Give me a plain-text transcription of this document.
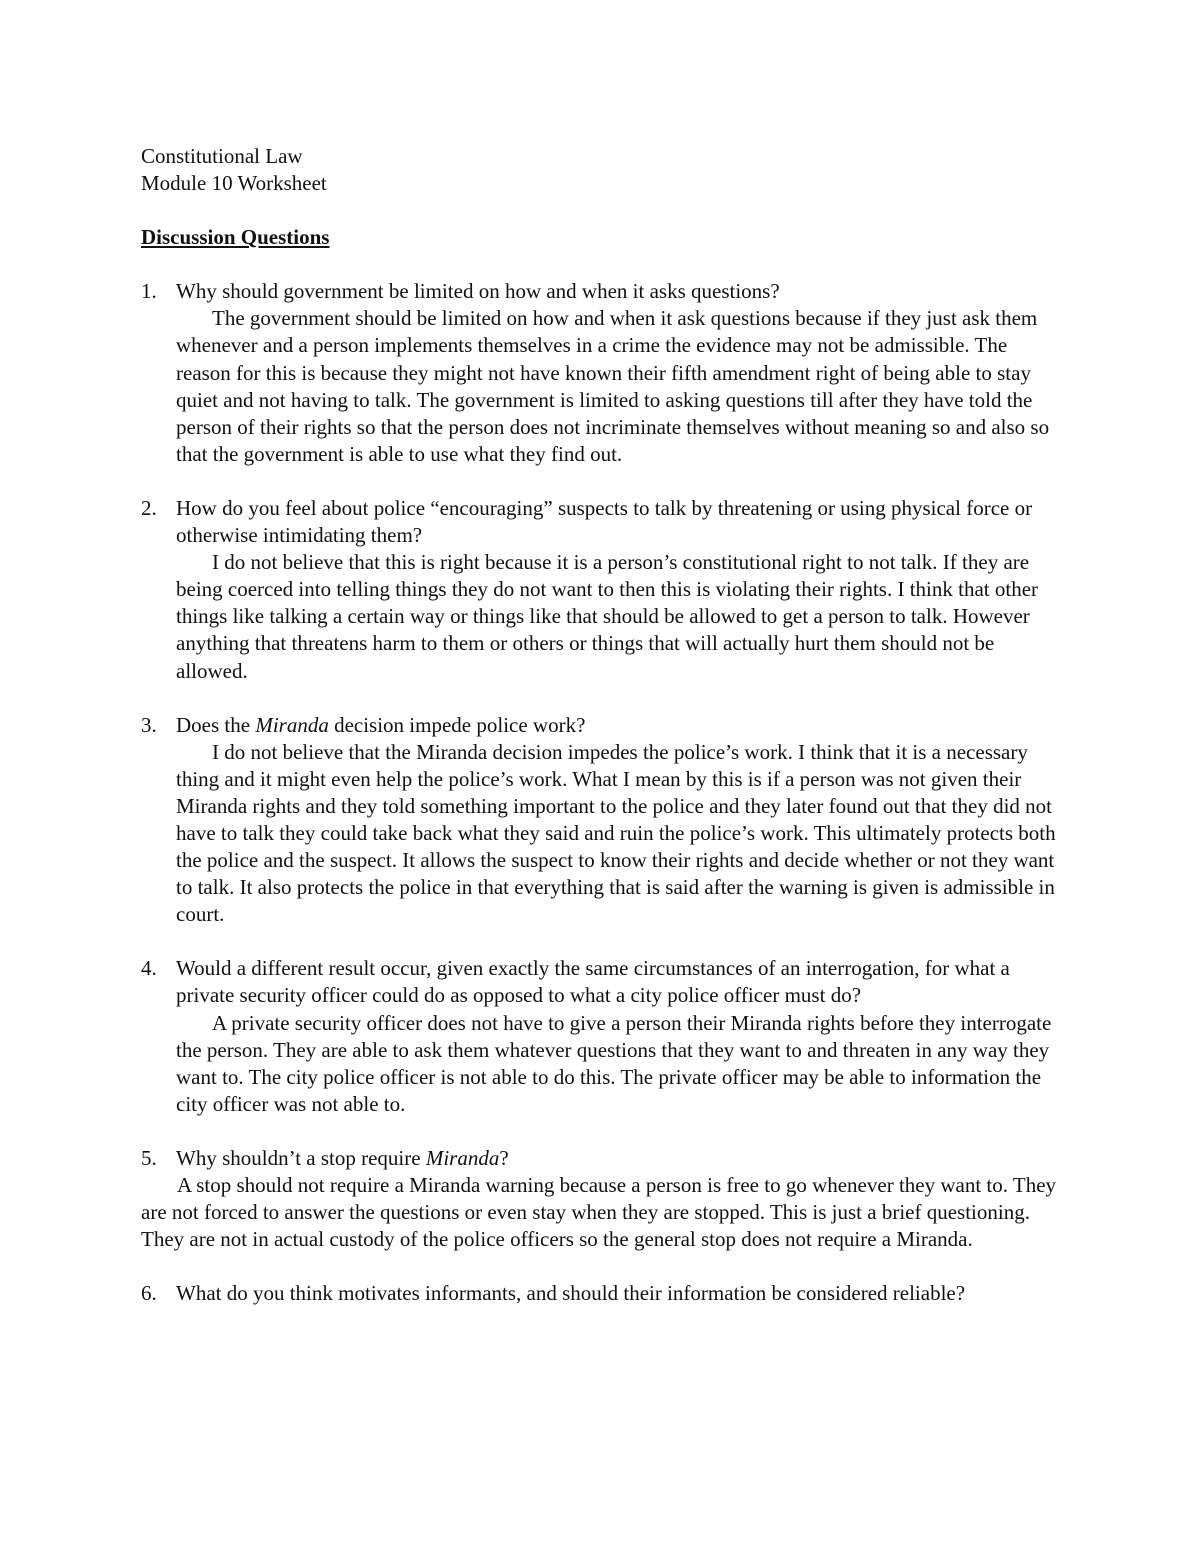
Constitutional Law
Module 10 Worksheet
Discussion Questions
1. Why should government be limited on how and when it asks questions?
The government should be limited on how and when it ask questions because if they just ask them whenever and a person implements themselves in a crime the evidence may not be admissible. The reason for this is because they might not have known their fifth amendment right of being able to stay quiet and not having to talk. The government is limited to asking questions till after they have told the person of their rights so that the person does not incriminate themselves without meaning so and also so that the government is able to use what they find out.
2. How do you feel about police “encouraging” suspects to talk by threatening or using physical force or otherwise intimidating them?
I do not believe that this is right because it is a person’s constitutional right to not talk. If they are being coerced into telling things they do not want to then this is violating their rights. I think that other things like talking a certain way or things like that should be allowed to get a person to talk. However anything that threatens harm to them or others or things that will actually hurt them should not be allowed.
3. Does the Miranda decision impede police work?
I do not believe that the Miranda decision impedes the police’s work. I think that it is a necessary thing and it might even help the police’s work. What I mean by this is if a person was not given their Miranda rights and they told something important to the police and they later found out that they did not have to talk they could take back what they said and ruin the police’s work. This ultimately protects both the police and the suspect. It allows the suspect to know their rights and decide whether or not they want to talk. It also protects the police in that everything that is said after the warning is given is admissible in court.
4. Would a different result occur, given exactly the same circumstances of an interrogation, for what a private security officer could do as opposed to what a city police officer must do?
A private security officer does not have to give a person their Miranda rights before they interrogate the person. They are able to ask them whatever questions that they want to and threaten in any way they want to. The city police officer is not able to do this. The private officer may be able to information the city officer was not able to.
5. Why shouldn’t a stop require Miranda?
A stop should not require a Miranda warning because a person is free to go whenever they want to. They are not forced to answer the questions or even stay when they are stopped. This is just a brief questioning. They are not in actual custody of the police officers so the general stop does not require a Miranda.
6. What do you think motivates informants, and should their information be considered reliable?
